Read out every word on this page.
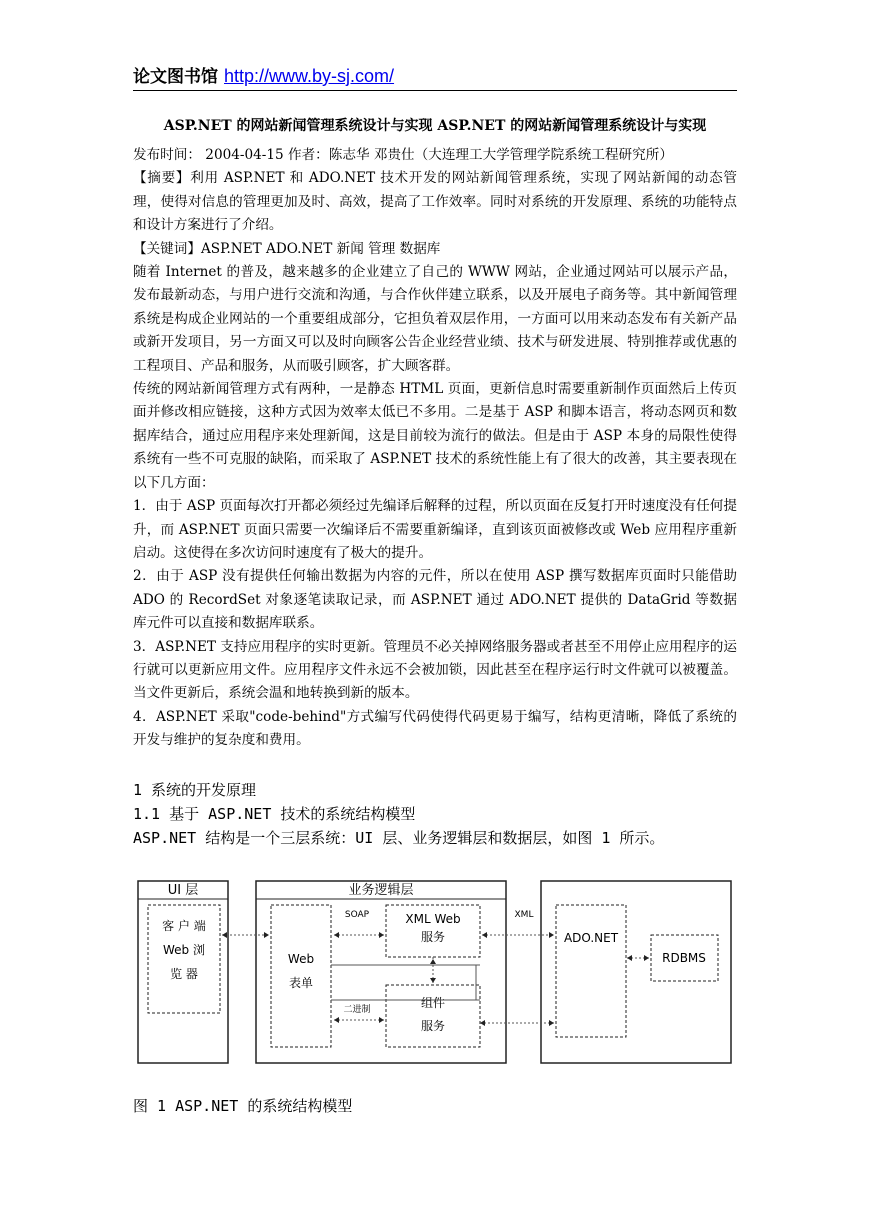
论文图书馆 http://www.by-sj.com/
ASP.NET 的网站新闻管理系统设计与实现 ASP.NET 的网站新闻管理系统设计与实现

发布时间： 2004-04-15 作者：陈志华 邓贵仕（大连理工大学管理学院系统工程研究所）

【摘要】利用 ASP.NET 和 ADO.NET 技术开发的网站新闻管理系统，实现了网站新闻的动态管理，使得对信息的管理更加及时、高效，提高了工作效率。同时对系统的开发原理、系统的功能特点和设计方案进行了介绍。

【关键词】ASP.NET ADO.NET 新闻 管理 数据库

随着 Internet 的普及，越来越多的企业建立了自己的 WWW 网站，企业通过网站可以展示产品，发布最新动态，与用户进行交流和沟通，与合作伙伴建立联系，以及开展电子商务等。其中新闻管理系统是构成企业网站的一个重要组成部分，它担负着双层作用，一方面可以用来动态发布有关新产品或新开发项目，另一方面又可以及时向顾客公告企业经营业绩、技术与研发进展、特别推荐或优惠的工程项目、产品和服务，从而吸引顾客，扩大顾客群。

传统的网站新闻管理方式有两种，一是静态 HTML 页面，更新信息时需要重新制作页面然后上传页面并修改相应链接，这种方式因为效率太低已不多用。二是基于 ASP 和脚本语言，将动态网页和数据库结合，通过应用程序来处理新闻，这是目前较为流行的做法。但是由于 ASP 本身的局限性使得系统有一些不可克服的缺陷，而采取了 ASP.NET 技术的系统性能上有了很大的改善，其主要表现在以下几方面：

1．由于 ASP 页面每次打开都必须经过先编译后解释的过程，所以页面在反复打开时速度没有任何提升，而 ASP.NET 页面只需要一次编译后不需要重新编译，直到该页面被修改或 Web 应用程序重新启动。这使得在多次访问时速度有了极大的提升。

2．由于 ASP 没有提供任何输出数据为内容的元件，所以在使用 ASP 撰写数据库页面时只能借助 ADO 的 RecordSet 对象逐笔读取记录，而 ASP.NET 通过 ADO.NET 提供的 DataGrid 等数据库元件可以直接和数据库联系。

3．ASP.NET 支持应用程序的实时更新。管理员不必关掉网络服务器或者甚至不用停止应用程序的运行就可以更新应用文件。应用程序文件永远不会被加锁，因此甚至在程序运行时文件就可以被覆盖。当文件更新后，系统会温和地转换到新的版本。

4．ASP.NET 采取"code-behind"方式编写代码使得代码更易于编写，结构更清晰，降低了系统的开发与维护的复杂度和费用。

1 系统的开发原理
1.1 基于 ASP.NET 技术的系统结构模型
ASP.NET 结构是一个三层系统：UI 层、业务逻辑层和数据层，如图 1 所示。
UI 层	业务逻辑层
客 户 端
Web 浏
览 器
Web
表单
XML Web
服务
组件
服务
SOAP
二进制
XML
ADO.NET
RDBMS
图 1 ASP.NET 的系统结构模型
